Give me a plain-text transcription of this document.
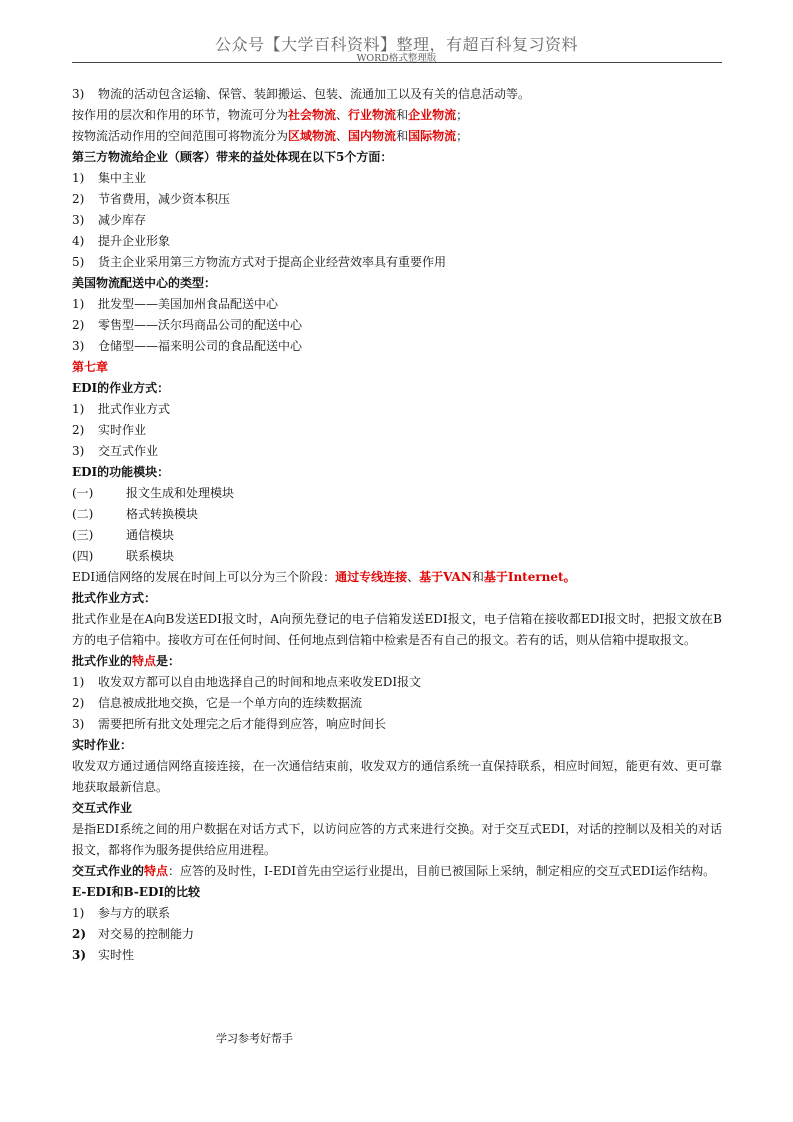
公众号【大学百科资料】整理，有超百科复习资料
WORD格式整理版
3) 物流的活动包含运输、保管、装卸搬运、包装、流通加工以及有关的信息活动等。
按作用的层次和作用的环节，物流可分为社会物流、行业物流和企业物流；
按物流活动作用的空间范围可将物流分为区域物流、国内物流和国际物流；
第三方物流给企业（顾客）带来的益处体现在以下5个方面：
1) 集中主业
2) 节省费用，减少资本积压
3) 减少库存
4) 提升企业形象
5) 货主企业采用第三方物流方式对于提高企业经营效率具有重要作用
美国物流配送中心的类型：
1) 批发型——美国加州食品配送中心
2) 零售型——沃尔玛商品公司的配送中心
3) 仓储型——福来明公司的食品配送中心
第七章
EDI的作业方式：
1) 批式作业方式
2) 实时作业
3) 交互式作业
EDI的功能模块：
(一)	报文生成和处理模块
(二)	格式转换模块
(三)	通信模块
(四)	联系模块
EDI通信网络的发展在时间上可以分为三个阶段：通过专线连接、基于VAN和基于Internet。
批式作业方式：
批式作业是在A向B发送EDI报文时，A向预先登记的电子信箱发送EDI报文，电子信箱在接收都EDI报文时，把报文放在B方的电子信箱中。接收方可在任何时间、任何地点到信箱中检索是否有自己的报文。若有的话，则从信箱中提取报文。
批式作业的特点是：
1) 收发双方都可以自由地选择自己的时间和地点来收发EDI报文
2) 信息被成批地交换，它是一个单方向的连续数据流
3) 需要把所有批文处理完之后才能得到应答，响应时间长
实时作业：
收发双方通过通信网络直接连接，在一次通信结束前，收发双方的通信系统一直保持联系，相应时间短，能更有效、更可靠地获取最新信息。
交互式作业
是指EDI系统之间的用户数据在对话方式下，以访问应答的方式来进行交换。对于交互式EDI，对话的控制以及相关的对话报文，都将作为服务提供给应用进程。
交互式作业的特点：应答的及时性，I-EDI首先由空运行业提出，目前已被国际上采纳，制定相应的交互式EDI运作结构。
E-EDI和B-EDI的比较
1) 参与方的联系
2) 对交易的控制能力
3) 实时性
学习参考好帮手
